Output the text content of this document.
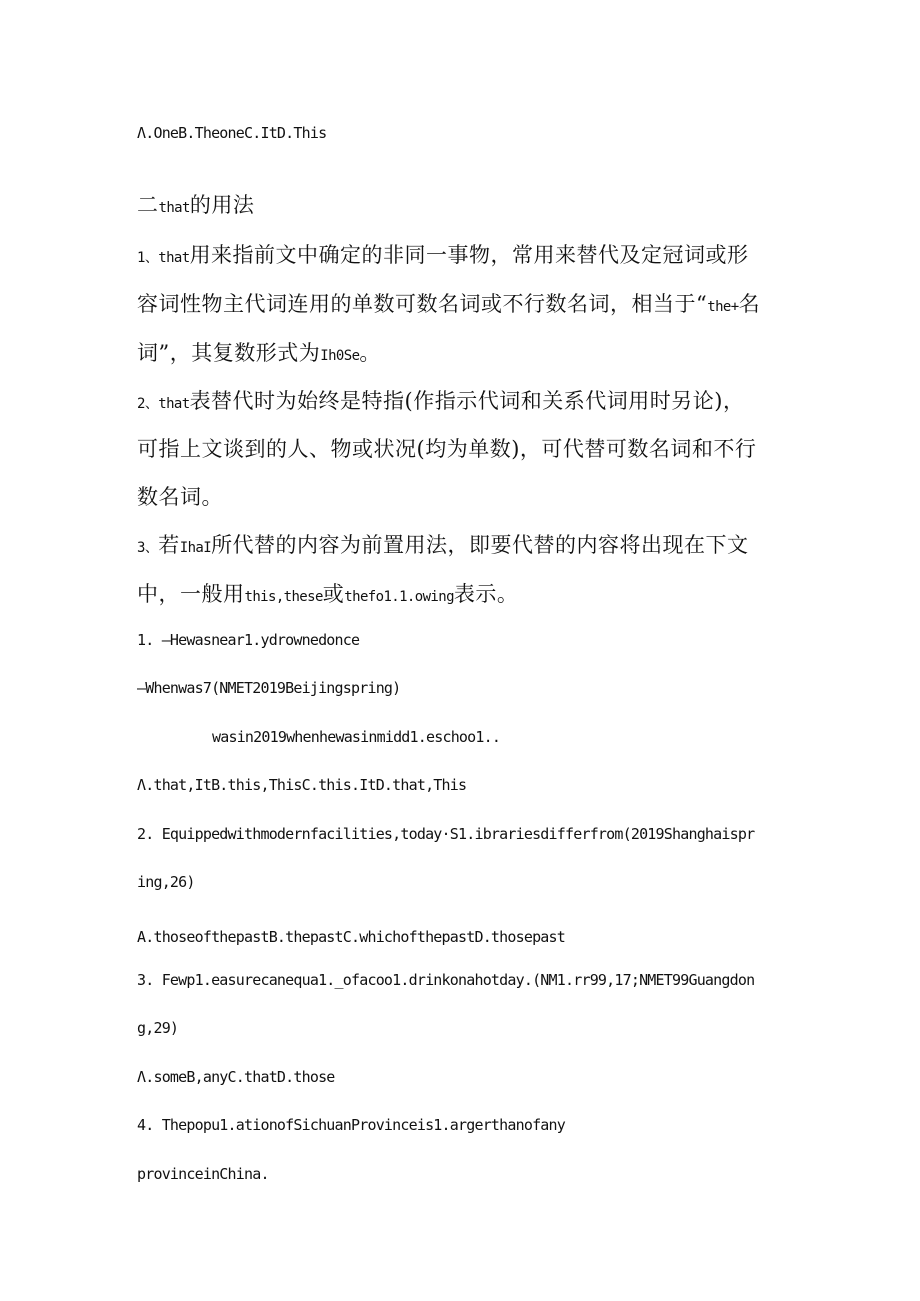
Λ.OneB.TheoneC.ItD.This
二that的用法
1、that用来指前文中确定的非同一事物，常用来替代及定冠词或形
容词性物主代词连用的单数可数名词或不行数名词，相当于“the+名
词”，其复数形式为Ih0Se。
2、that表替代时为始终是特指(作指示代词和关系代词用时另论)，
可指上文谈到的人、物或状况(均为单数)，可代替可数名词和不行
数名词。
3、若IhaI所代替的内容为前置用法，即要代替的内容将出现在下文
中，一般用this,these或thefo1.1.owing表示。
1. —Hewasnear1.ydrownedonce
—Whenwas7(NMET2019Beijingspring)
wasin2019whenhewasinmidd1.eschoo1..
Λ.that,ItB.this,ThisC.this.ItD.that,This
2. Equippedwithmodernfacilities,today·S1.ibrariesdifferfrom(2019Shanghaispr
ing,26)
A.thoseofthepastB.thepastC.whichofthepastD.thosepast
3. Fewp1.easurecanequa1._ofacoo1.drinkonahotday.(NM1.rr99,17;NMET99Guangdon
g,29)
Λ.someB,anyC.thatD.those
4. Thepopu1.ationofSichuanProvinceis1.argerthanofany
provinceinChina.
